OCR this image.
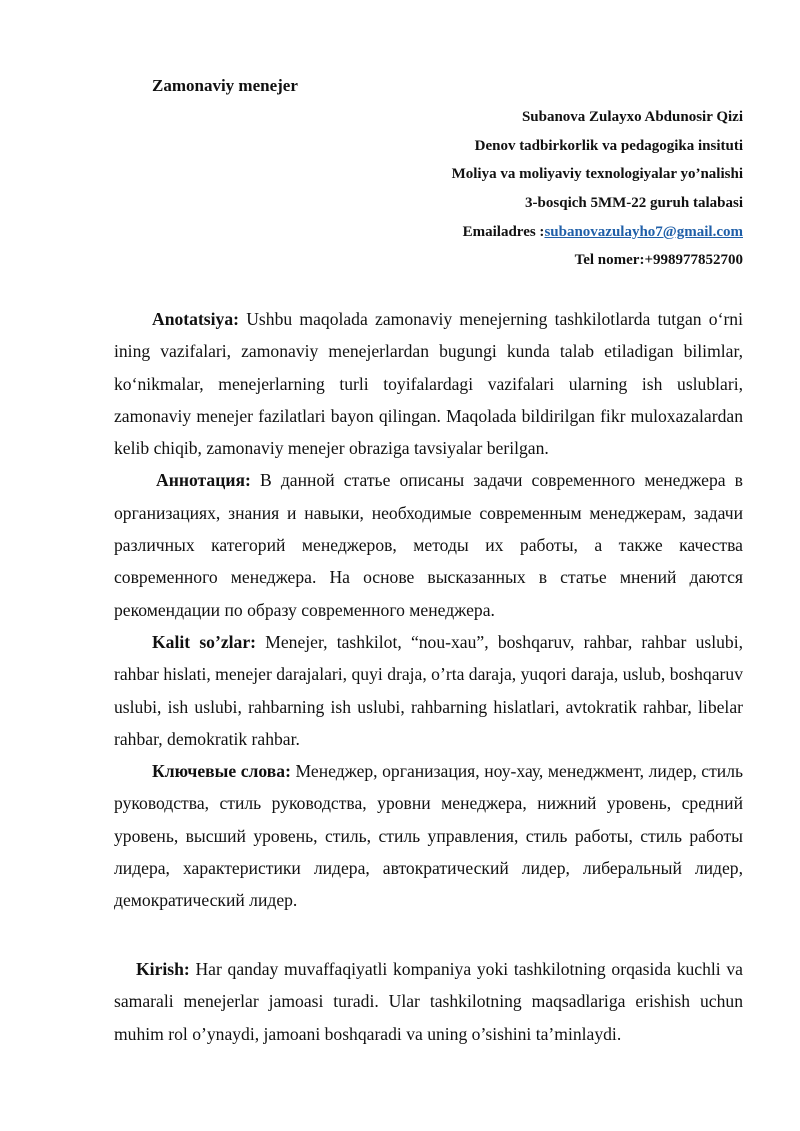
Zamonaviy menejer
Subanova Zulayxo Abdunosir Qizi
Denov tadbirkorlik va pedagogika insituti
Moliya va moliyaviy texnologiyalar yo’nalishi
3-bosqich 5MM-22 guruh talabasi
Emailadres :subanovazulayho7@gmail.com
Tel nomer:+998977852700

Anotatsiya: Ushbu maqolada zamonaviy menejerning tashkilotlarda tutgan o‘rni ining vazifalari, zamonaviy menejerlardan bugungi kunda talab etiladigan bilimlar, ko‘nikmalar, menejerlarning turli toyifalardagi vazifalari ularning ish uslublari, zamonaviy menejer fazilatlari bayon qilingan. Maqolada bildirilgan fikr muloxazalardan kelib chiqib, zamonaviy menejer obraziga tavsiyalar berilgan.

Аннотация: В данной статье описаны задачи современного менеджера в организациях, знания и навыки, необходимые современным менеджерам, задачи различных категорий менеджеров, методы их работы, а также качества современного менеджера. На основе высказанных в статье мнений даются рекомендации по образу современного менеджера.

Kalit so’zlar: Menejer, tashkilot, “nou-xau”, boshqaruv, rahbar, rahbar uslubi, rahbar hislati, menejer darajalari, quyi draja, o’rta daraja, yuqori daraja, uslub, boshqaruv uslubi, ish uslubi, rahbarning ish uslubi, rahbarning hislatlari, avtokratik rahbar, libelar rahbar, demokratik rahbar.

Ключевые слова: Менеджер, организация, ноу-хау, менеджмент, лидер, стиль руководства, стиль руководства, уровни менеджера, нижний уровень, средний уровень, высший уровень, стиль, стиль управления, стиль работы, стиль работы лидера, характеристики лидера, автократический лидер, либеральный лидер, демократический лидер.

Kirish: Har qanday muvaffaqiyatli kompaniya yoki tashkilotning orqasida kuchli va samarali menejerlar jamoasi turadi. Ular tashkilotning maqsadlariga erishish uchun muhim rol o’ynaydi, jamoani boshqaradi va uning o’sishini ta’minlaydi.
